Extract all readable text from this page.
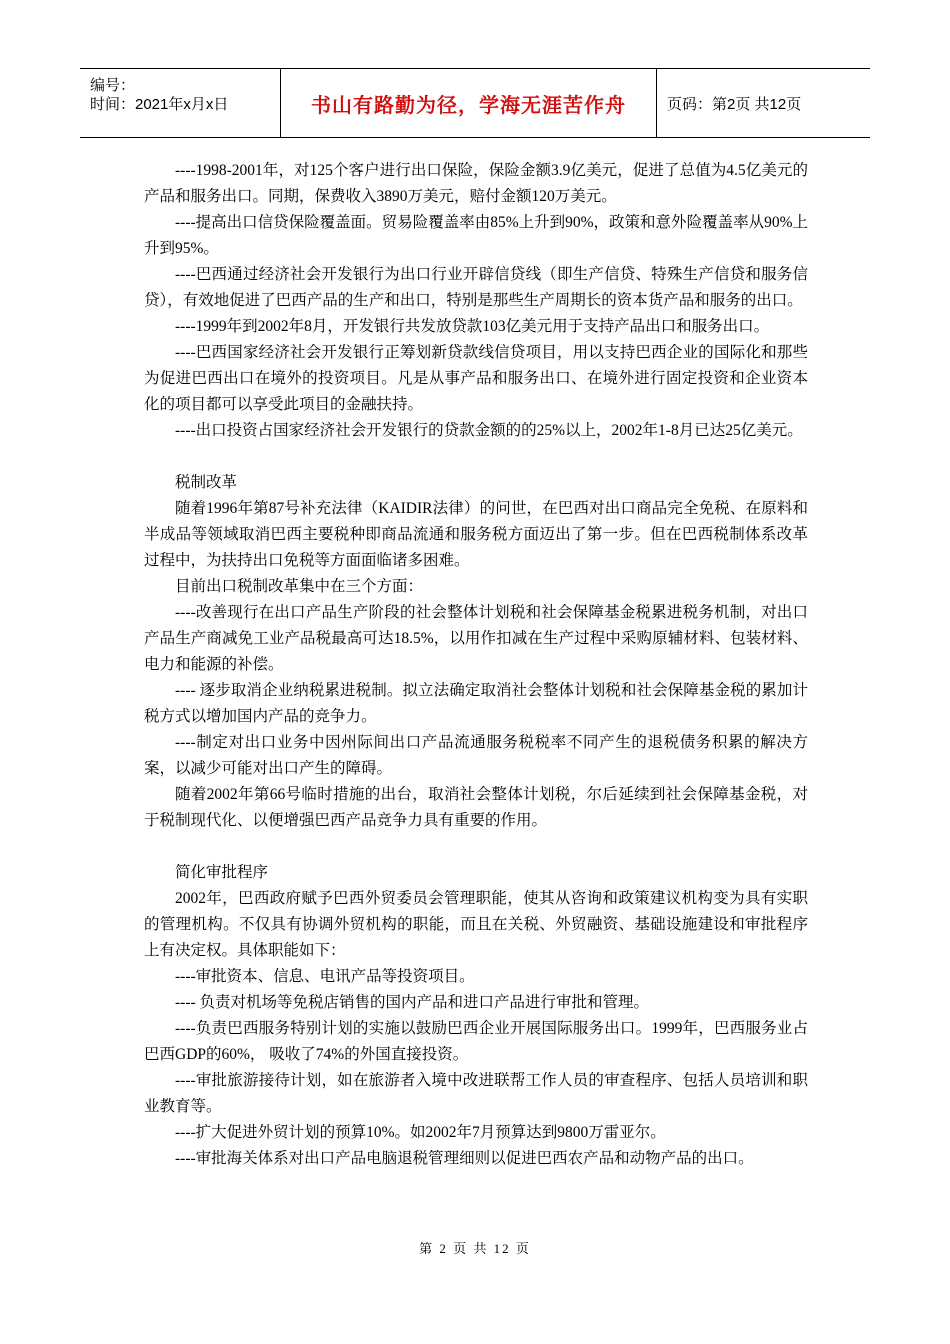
编号：
时间：2021年x月x日	书山有路勤为径，学海无涯苦作舟	页码：第2页 共12页

----1998-2001年，对125个客户进行出口保险，保险金额3.9亿美元，促进了总值为4.5亿美元的产品和服务出口。同期，保费收入3890万美元，赔付金额120万美元。

----提高出口信贷保险覆盖面。贸易险覆盖率由85%上升到90%，政策和意外险覆盖率从90%上升到95%。

----巴西通过经济社会开发银行为出口行业开辟信贷线（即生产信贷、特殊生产信贷和服务信贷），有效地促进了巴西产品的生产和出口，特别是那些生产周期长的资本货产品和服务的出口。

----1999年到2002年8月，开发银行共发放贷款103亿美元用于支持产品出口和服务出口。

----巴西国家经济社会开发银行正筹划新贷款线信贷项目，用以支持巴西企业的国际化和那些为促进巴西出口在境外的投资项目。凡是从事产品和服务出口、在境外进行固定投资和企业资本化的项目都可以享受此项目的金融扶持。

----出口投资占国家经济社会开发银行的贷款金额的的25%以上，2002年1-8月已达25亿美元。

税制改革

随着1996年第87号补充法律（KAIDIR法律）的问世，在巴西对出口商品完全免税、在原料和半成品等领域取消巴西主要税种即商品流通和服务税方面迈出了第一步。但在巴西税制体系改革过程中，为扶持出口免税等方面面临诸多困难。

目前出口税制改革集中在三个方面：

----改善现行在出口产品生产阶段的社会整体计划税和社会保障基金税累进税务机制，对出口产品生产商减免工业产品税最高可达18.5%，以用作扣减在生产过程中采购原辅材料、包装材料、电力和能源的补偿。

---- 逐步取消企业纳税累进税制。拟立法确定取消社会整体计划税和社会保障基金税的累加计税方式以增加国内产品的竞争力。

----制定对出口业务中因州际间出口产品流通服务税税率不同产生的退税债务积累的解决方案，以减少可能对出口产生的障碍。

随着2002年第66号临时措施的出台，取消社会整体计划税，尔后延续到社会保障基金税，对于税制现代化、以便增强巴西产品竞争力具有重要的作用。

简化审批程序

2002年，巴西政府赋予巴西外贸委员会管理职能，使其从咨询和政策建议机构变为具有实职的管理机构。不仅具有协调外贸机构的职能，而且在关税、外贸融资、基础设施建设和审批程序上有决定权。具体职能如下：

----审批资本、信息、电讯产品等投资项目。

---- 负责对机场等免税店销售的国内产品和进口产品进行审批和管理。

----负责巴西服务特别计划的实施以鼓励巴西企业开展国际服务出口。1999年，巴西服务业占巴西GDP的60%， 吸收了74%的外国直接投资。

----审批旅游接待计划，如在旅游者入境中改进联帮工作人员的审查程序、包括人员培训和职业教育等。

----扩大促进外贸计划的预算10%。如2002年7月预算达到9800万雷亚尔。

----审批海关体系对出口产品电脑退税管理细则以促进巴西农产品和动物产品的出口。

第 2 页 共 12 页
